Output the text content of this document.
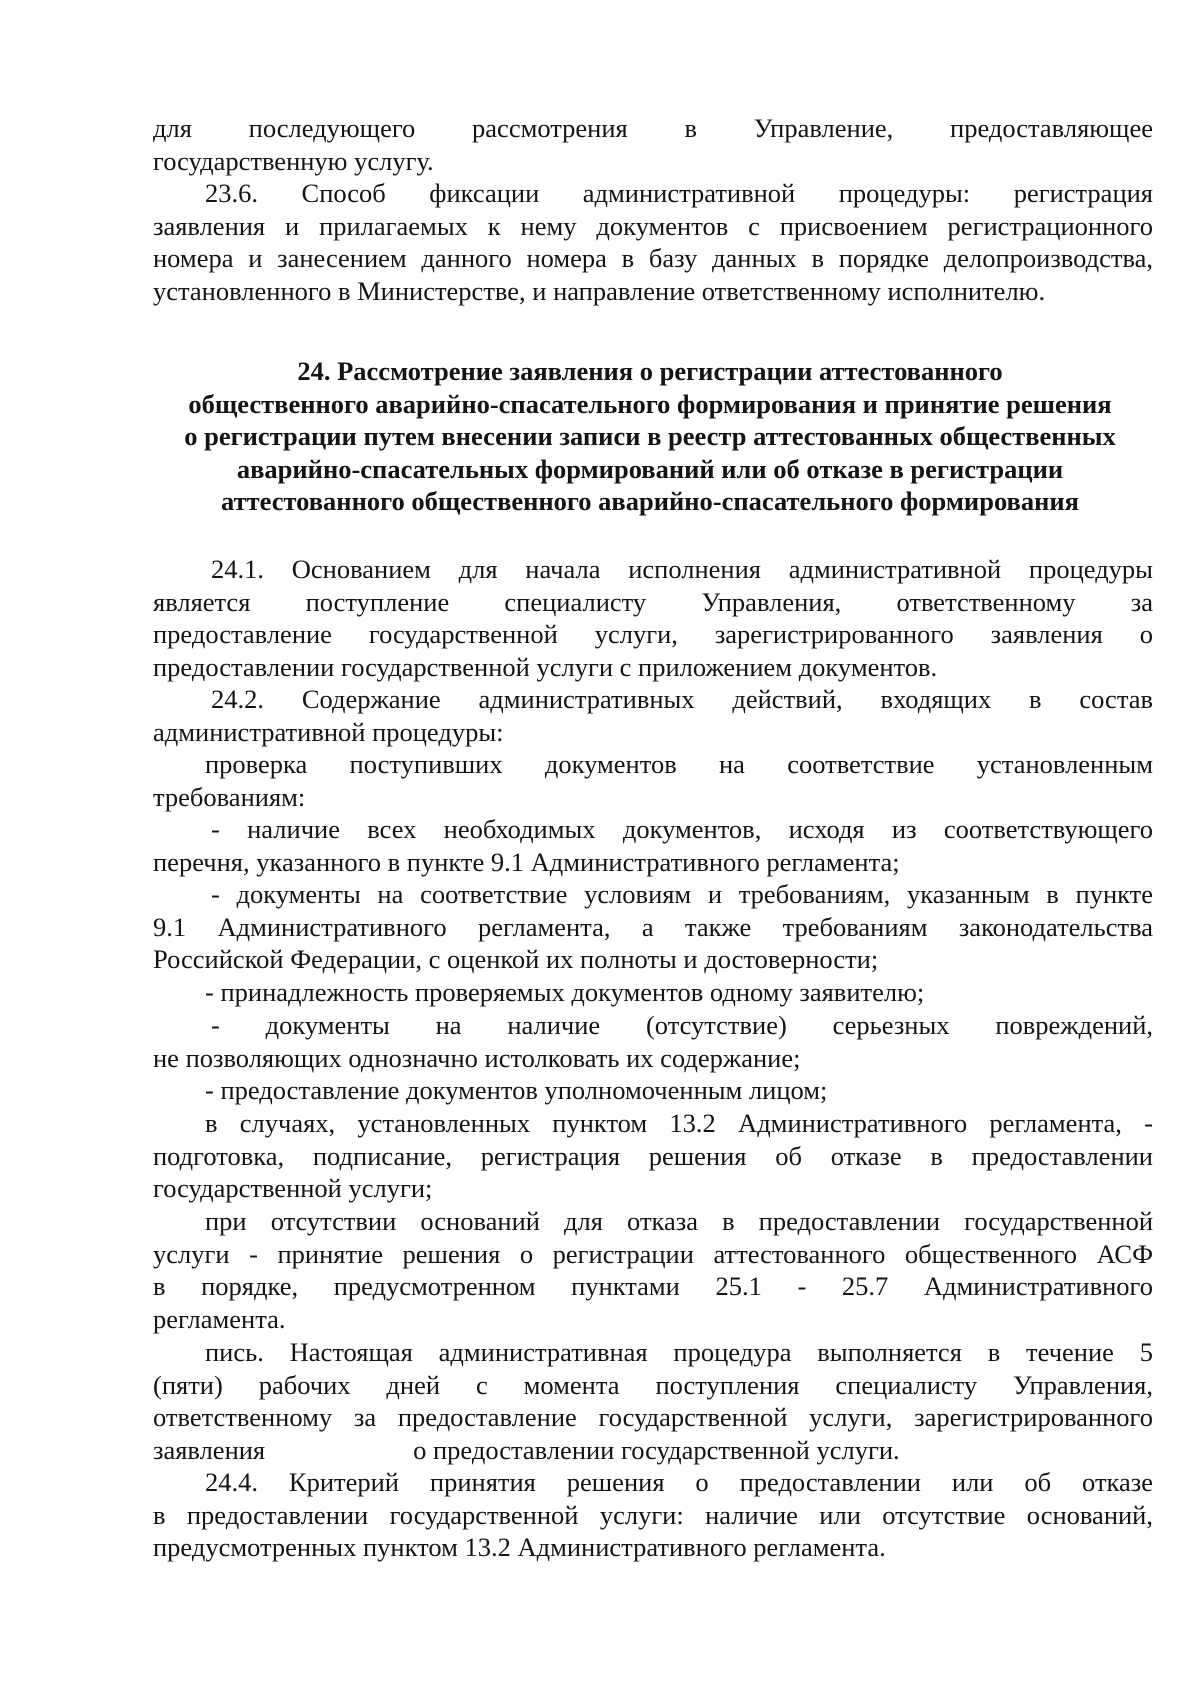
для последующего рассмотрения в Управление, предоставляющее
государственную услугу.
23.6. Способ фиксации административной процедуры: регистрация
заявления и прилагаемых к нему документов с присвоением регистрационного
номера и занесением данного номера в базу данных в порядке делопроизводства,
установленного в Министерстве, и направление ответственному исполнителю.
24. Рассмотрение заявления о регистрации аттестованного
общественного аварийно-спасательного формирования и принятие решения
о регистрации путем внесении записи в реестр аттестованных общественных
аварийно-спасательных формирований или об отказе в регистрации
аттестованного общественного аварийно-спасательного формирования
24.1. Основанием для начала исполнения административной процедуры
является поступление специалисту Управления, ответственному за
предоставление государственной услуги, зарегистрированного заявления о
предоставлении государственной услуги с приложением документов.
24.2. Содержание административных действий, входящих в состав
административной процедуры:
проверка поступивших документов на соответствие установленным
требованиям:
- наличие всех необходимых документов, исходя из соответствующего
перечня, указанного в пункте 9.1 Административного регламента;
- документы на соответствие условиям и требованиям, указанным в пункте
9.1 Административного регламента, а также требованиям законодательства
Российской Федерации, с оценкой их полноты и достоверности;
- принадлежность проверяемых документов одному заявителю;
- документы на наличие (отсутствие) серьезных повреждений,
не позволяющих однозначно истолковать их содержание;
- предоставление документов уполномоченным лицом;
в случаях, установленных пунктом 13.2 Административного регламента, -
подготовка, подписание, регистрация решения об отказе в предоставлении
государственной услуги;
при отсутствии оснований для отказа в предоставлении государственной
услуги - принятие решения о регистрации аттестованного общественного АСФ
в порядке, предусмотренном пунктами 25.1 - 25.7 Административного
регламента.
пись. Настоящая административная процедура выполняется в течение 5
(пяти) рабочих дней с момента поступления специалисту Управления,
ответственному за предоставление государственной услуги, зарегистрированного
заявления	о предоставлении государственной услуги.
24.4. Критерий принятия решения о предоставлении или об отказе
в предоставлении государственной услуги: наличие или отсутствие оснований,
предусмотренных пунктом 13.2 Административного регламента.
